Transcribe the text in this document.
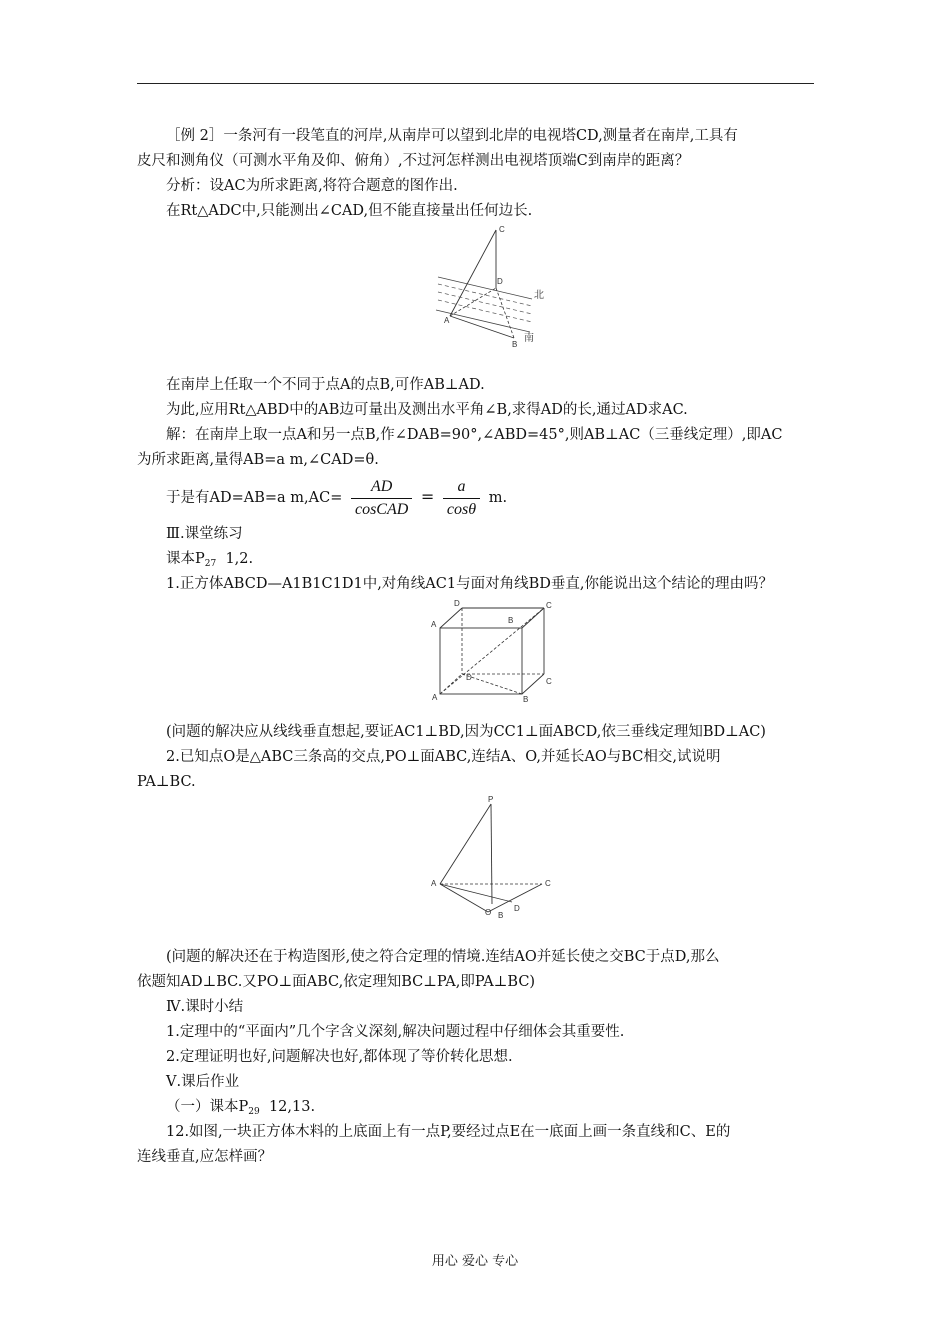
［例 2］一条河有一段笔直的河岸,从南岸可以望到北岸的电视塔CD,测量者在南岸,工具有
皮尺和测角仪（可测水平角及仰、俯角）,不过河怎样测出电视塔顶端C到南岸的距离？
分析：设AC为所求距离,将符合题意的图作出.
在Rt△ADC中,只能测出∠CAD,但不能直接量出任何边长.
C
D
北
A
南
B
在南岸上任取一个不同于点A的点B,可作AB⊥AD.
为此,应用Rt△ABD中的AB边可量出及测出水平角∠B,求得AD的长,通过AD求AC.
解：在南岸上取一点A和另一点B,作∠DAB=90°,∠ABD=45°,则AB⊥AC（三垂线定理）,即AC
为所求距离,量得AB=a m,∠CAD=θ.
于是有AD=AB=a $m,AC= \frac{AD}{\text{cosCAD}} = \frac{a}{\cos\theta} m$.
Ⅲ.课堂练习
课本$P_{27}$ 1,2.
1.正方体ABCD—A1B1C1D1中,对角线AC1与面对角线BD垂直,你能说出这个结论的理由吗？
D	C
A	B
A	B
D	C
(问题的解决应从线线垂直想起,要证AC1⊥BD,因为CC1⊥面ABCD,依三垂线定理知BD⊥AC)
2.已知点O是△ABC三条高的交点,PO⊥面ABC,连结A、O,并延长AO与BC相交,试说明
PA⊥BC.
P
A	C
O	D
B
(问题的解决还在于构造图形,使之符合定理的情境.连结AO并延长使之交BC于点D,那么
依题知AD⊥BC.又PO⊥面ABC,依定理知BC⊥PA,即PA⊥BC)
Ⅳ.课时小结
1.定理中的“平面内”几个字含义深刻,解决问题过程中仔细体会其重要性.
2.定理证明也好,问题解决也好,都体现了等价转化思想.
Ⅴ.课后作业
（一）课本$P_{29}$ 12,13.
12.如图,一块正方体木料的上底面上有一点P,要经过点E在一底面上画一条直线和C、E的
连线垂直,应怎样画？
用心 爱心 专心
